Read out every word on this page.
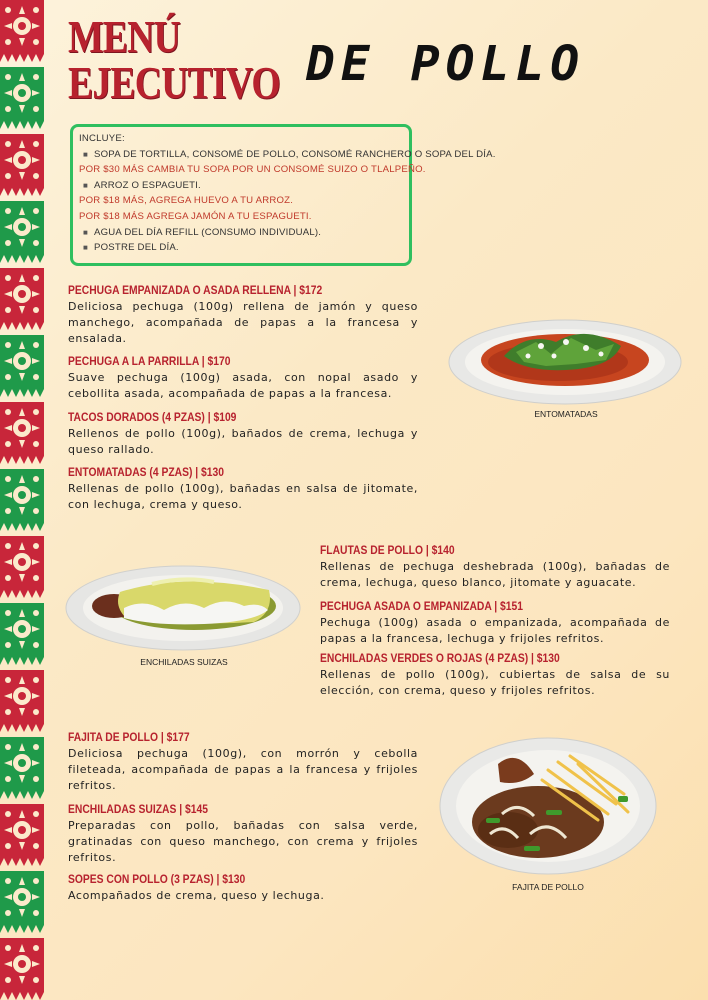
MENÚ
EJECUTIVO DE POLLO
INCLUYE:
■ SOPA DE TORTILLA, CONSOMÉ DE POLLO, CONSOMÉ RANCHERO O SOPA DEL DÍA.
POR $30 MÁS CAMBIA TU SOPA POR UN CONSOMÉ SUIZO O TLALPEÑO.
■ ARROZ O ESPAGUETI.
POR $18 MÁS, AGREGA HUEVO A TU ARROZ.
POR $18 MÁS AGREGA JAMÓN A TU ESPAGUETI.
■ AGUA DEL DÍA REFILL (CONSUMO INDIVIDUAL).
■ POSTRE DEL DÍA.
PECHUGA EMPANIZADA O ASADA RELLENA | $172
Deliciosa pechuga (100g) rellena de jamón y queso manchego, acompañada de papas a la francesa y ensalada.
PECHUGA A LA PARRILLA | $170
Suave pechuga (100g) asada, con nopal asado y cebollita asada, acompañada de papas a la francesa.
TACOS DORADOS (4 PZAS) | $109
Rellenos de pollo (100g), bañados de crema, lechuga y queso rallado.
ENTOMATADAS (4 PZAS) | $130
Rellenas de pollo (100g), bañadas en salsa de jitomate, con lechuga, crema y queso.
ENTOMATADAS
FLAUTAS DE POLLO | $140
Rellenas de pechuga deshebrada (100g), bañadas de crema, lechuga, queso blanco, jitomate y aguacate.
PECHUGA ASADA O EMPANIZADA | $151
Pechuga (100g) asada o empanizada, acompañada de papas a la francesa, lechuga y frijoles refritos.
ENCHILADAS VERDES O ROJAS (4 PZAS) | $130
Rellenas de pollo (100g), cubiertas de salsa de su elección, con crema, queso y frijoles refritos.
ENCHILADAS SUIZAS
FAJITA DE POLLO | $177
Deliciosa pechuga (100g), con morrón y cebolla fileteada, acompañada de papas a la francesa y frijoles refritos.
ENCHILADAS SUIZAS | $145
Preparadas con pollo, bañadas con salsa verde, gratinadas con queso manchego, con crema y frijoles refritos.
SOPES CON POLLO (3 PZAS) | $130
Acompañados de crema, queso y lechuga.
FAJITA DE POLLO
